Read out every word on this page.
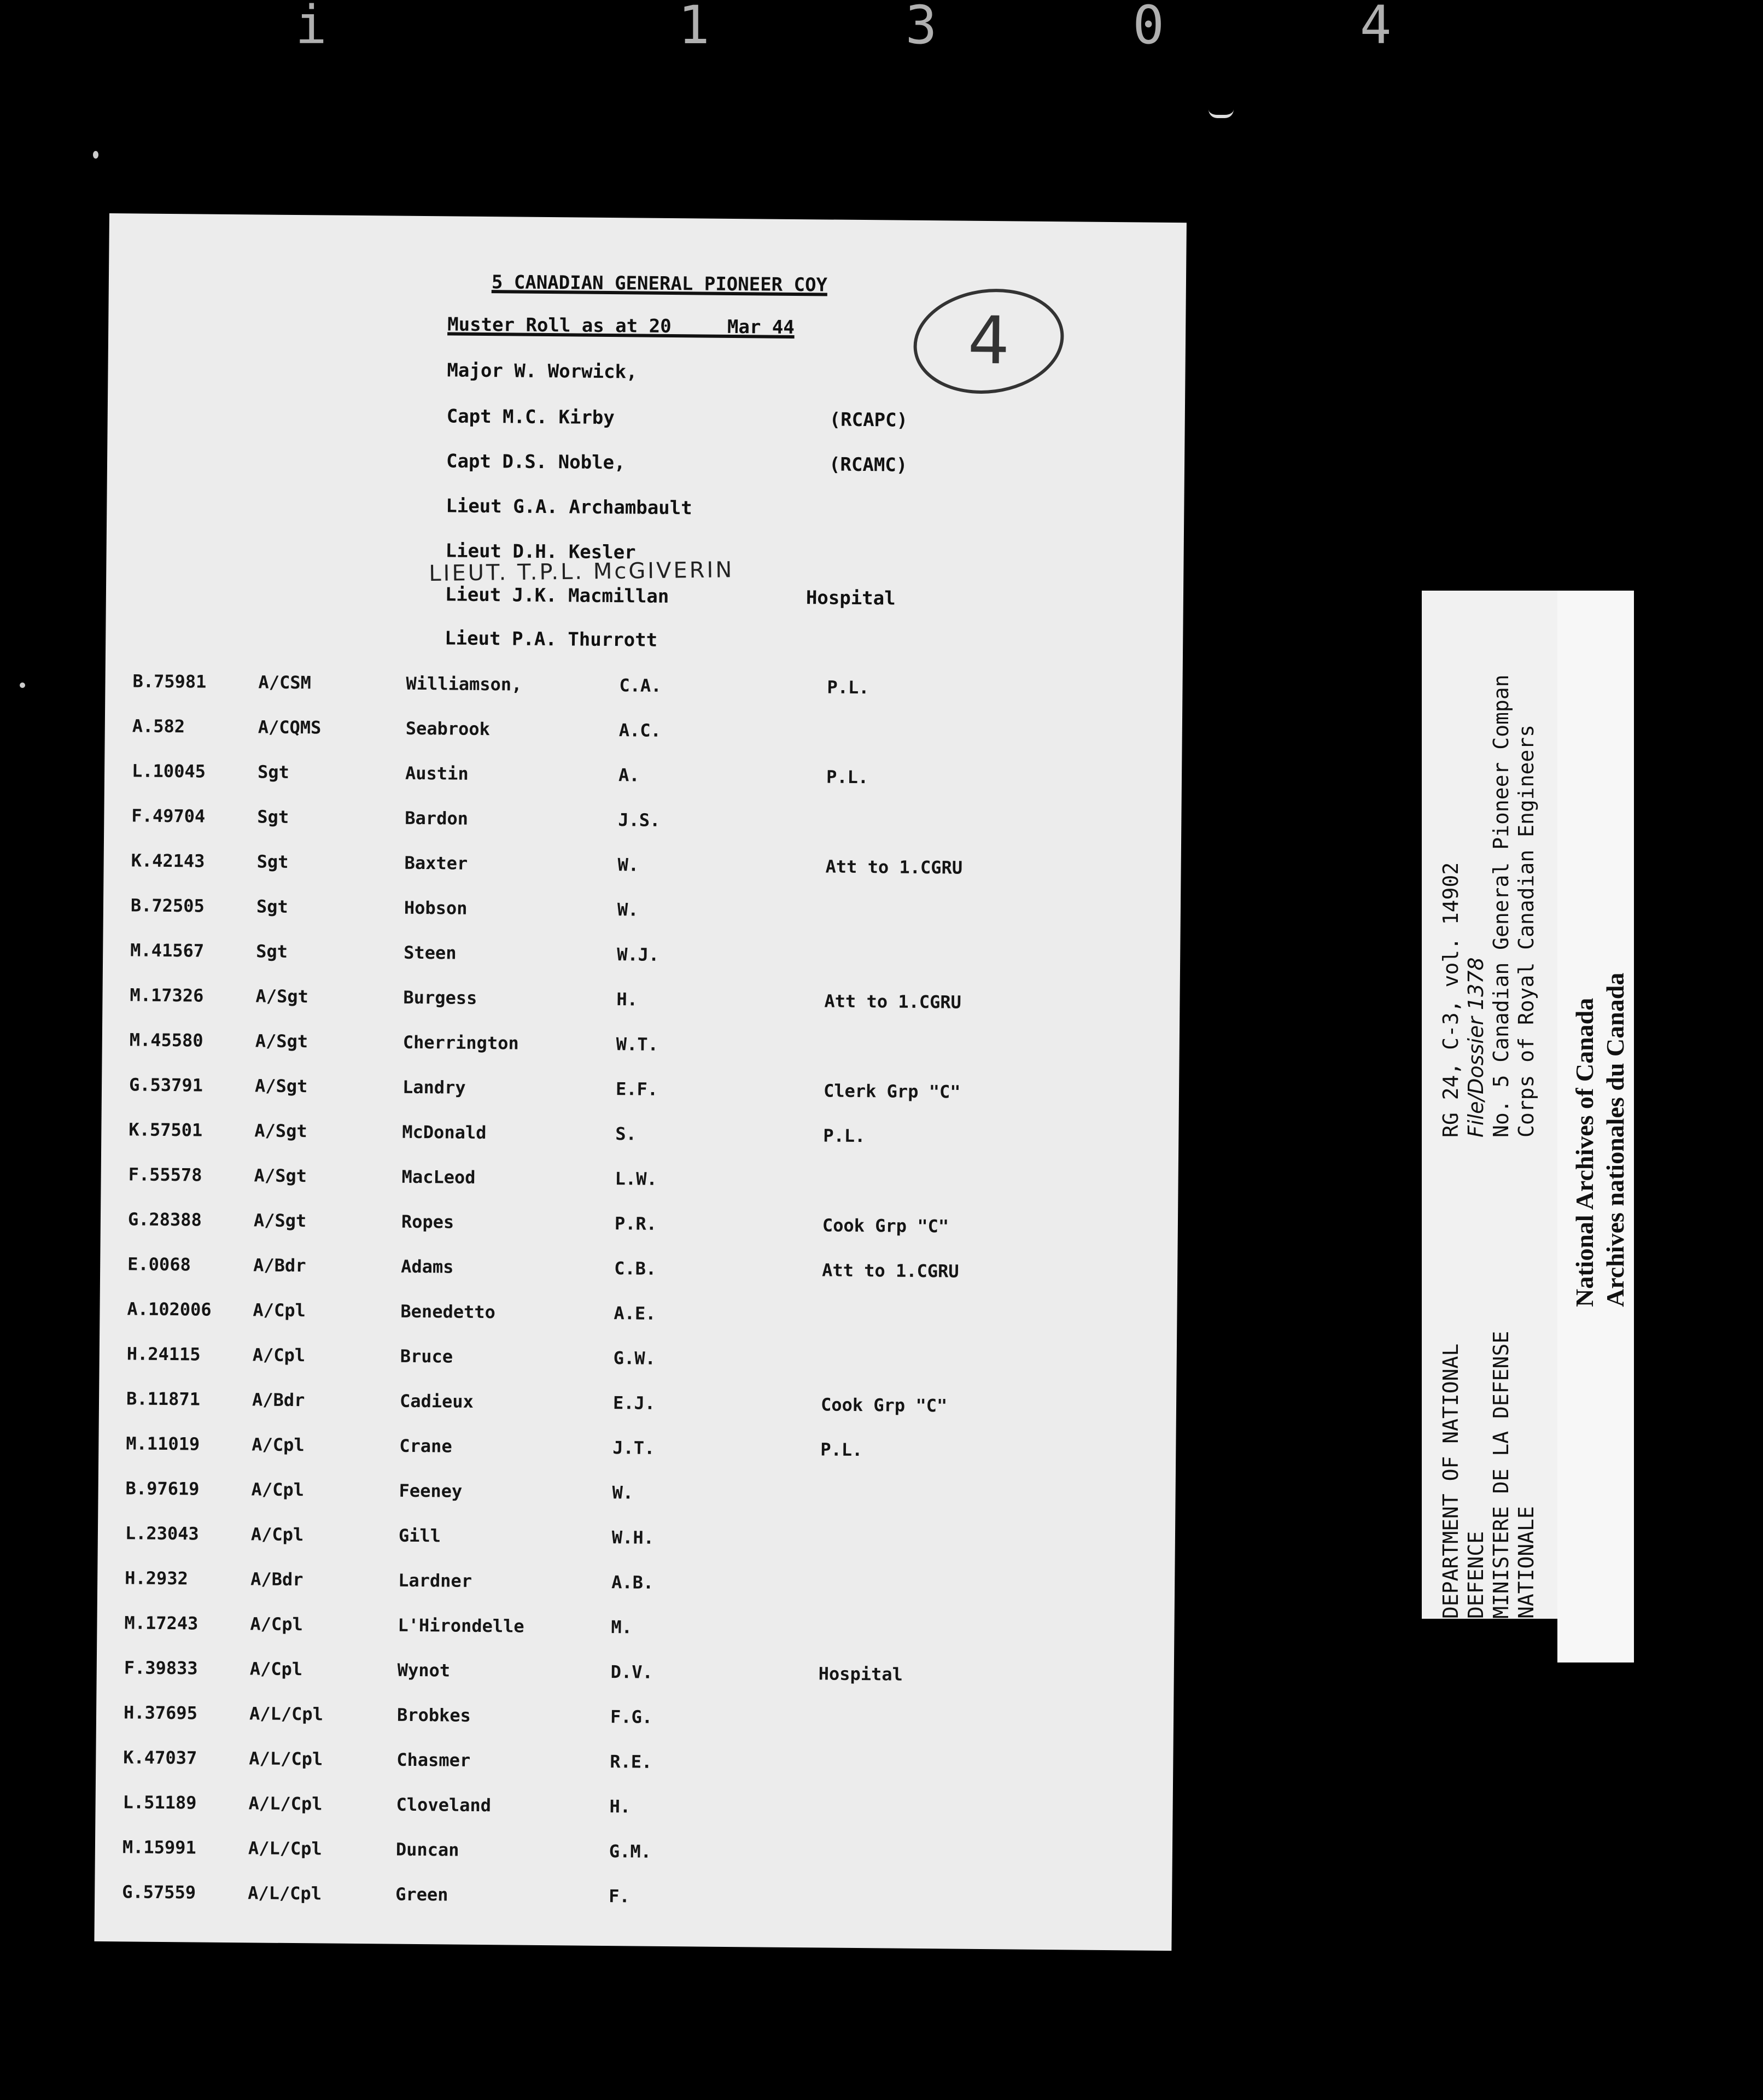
i	1 3 0 4
5 CANADIAN GENERAL PIONEER COY
Muster Roll as at 20 ___ Mar 44	4
Major W. Worwick,
Capt M.C. Kirby	(RCAPC)
Capt D.S. Noble,	(RCAMC)
Lieut G.A. Archambault
Lieut D.H. Kesler
LIEUT. T.P.L. McGIVERIN
Lieut J.K. Macmillan	Hospital
Lieut P.A. Thurrott
B.75981	A/CSM	Williamson,	C.A.	P.L.
A.582	A/CQMS	Seabrook	A.C.
L.10045	Sgt	Austin	A.	P.L.
F.49704	Sgt	Bardon	J.S.
K.42143	Sgt	Baxter	W.	Att to 1.CGRU
B.72505	Sgt	Hobson	W.
M.41567	Sgt	Steen	W.J.
M.17326	A/Sgt	Burgess	H.	Att to 1.CGRU
M.45580	A/Sgt	Cherrington	W.T.
G.53791	A/Sgt	Landry	E.F.	Clerk Grp "C"
K.57501	A/Sgt	McDonald	S.	P.L.
F.55578	A/Sgt	MacLeod	L.W.
G.28388	A/Sgt	Ropes	P.R.	Cook Grp "C"
E.0068	A/Bdr	Adams	C.B.	Att to 1.CGRU
A.102006 A/Cpl	Benedetto	A.E.
H.24115	A/Cpl	Bruce	G.W.
B.11871	A/Bdr	Cadieux	E.J.	Cook Grp "C"
M.11019	A/Cpl	Crane	J.T.	P.L.
B.97619	A/Cpl	Feeney	W.
L.23043	A/Cpl	Gill	W.H.
H.2932	A/Bdr	Lardner	A.B.
M.17243	A/Cpl	L'Hirondelle	M.
F.39833	A/Cpl	Wynot	D.V.	Hospital
H.37695	A/L/Cpl	Brobkes	F.G.
K.47037	A/L/Cpl	Chasmer	R.E.
L.51189	A/L/Cpl	Cloveland	H.
M.15991	A/L/Cpl	Duncan	G.M.
G.57559	A/L/Cpl	Green	F.
DEPARTMENT OF NATIONAL DEFENCE MINISTERE DE LA DEFENSE NATIONALE
RG 24, C-3, vol. 14902 File/Dossier 1378 No. 5 Canadian General Pioneer Compan Corps of Royal Canadian Engineers
National Archives of Canada Archives nationales du Canada
